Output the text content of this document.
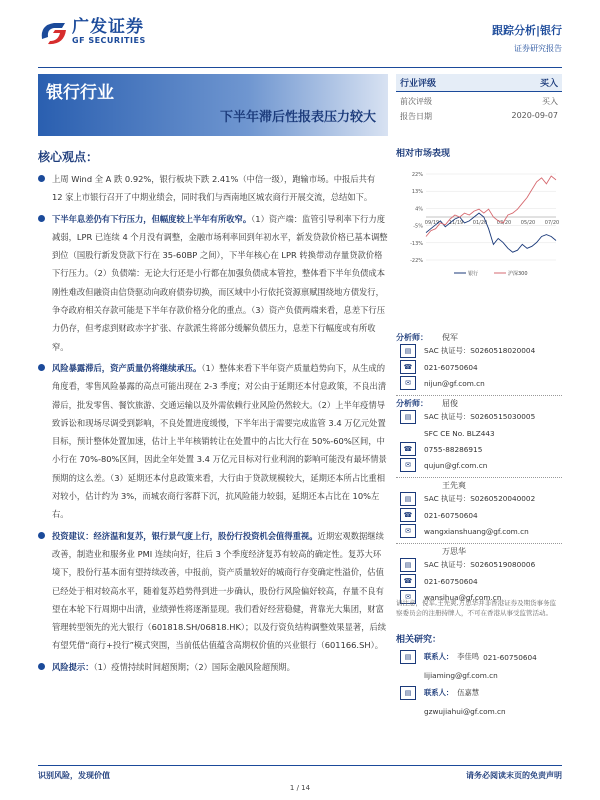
广发证券
GF SECURITIES
跟踪分析|银行
证券研究报告
银行行业
下半年滞后性报表压力较大
行业评级	买入
前次评级	买入
报告日期	2020-09-07
核心观点：
上周 Wind 全 A 跌 0.92%，银行板块下跌 2.41%（中信一级），跑输市场。中报后共有 12 家上市银行召开了中期业绩会，同时我们与西南地区城农商行开展交流，总结如下。
下半年息差仍有下行压力，但幅度较上半年有所收窄。（1）资产端：监管引导利率下行力度减弱，LPR 已连续 4 个月没有调整，金融市场利率回到年初水平，新发贷款价格已基本调整到位（国股行新发贷款下行在 35-60BP 之间），下半年核心在 LPR 转换带动存量贷款价格下行压力。（2）负债端：无论大行还是小行都在加强负债成本管控，整体看下半年负债成本刚性难改但融资由信贷驱动向政府债券切换，而区域中小行依托资源禀赋围绕地方债发行，争夺政府相关存款可能是下半年存款价格分化的重点。（3）资产负债两端来看，息差下行压力仍存，但考虑到财政赤字扩张、存款派生将部分缓解负债压力，息差下行幅度或有所收窄。
风险暴露滞后，资产质量仍将继续承压。（1）整体来看下半年资产质量趋势向下，从生成的角度看，零售风险暴露的高点可能出现在 2-3 季度；对公由于延期还本付息政策，不良出清滞后，批发零售、餐饮旅游、交通运输以及外需依赖行业风险仍然较大。（2）上半年疫情导致诉讼和现场尽调受到影响，不良处置进度缓慢，下半年出于需要完成监管 3.4 万亿元处置目标，预计整体处置加速，估计上半年核销转让在处置中的占比大行在 50%-60%区间，中小行在 70%-80%区间，因此全年处置 3.4 万亿元目标对行业利润的影响可能没有最坏情景预期的这么差。（3）延期还本付息政策来看，大行由于贷款规模较大，延期还本所占比重相对较小，估计约为 3%，而城农商行客群下沉，抗风险能力较弱，延期还本占比在 10%左右。
投资建议：经济温和复苏，银行景气度上行，股份行投资机会值得重视。近期宏观数据继续改善，制造业和服务业 PMI 连续向好，往后 3 个季度经济复苏有较高的确定性。复苏大环境下，股份行基本面有望持续改善，中报前，资产质量较好的城商行存变确定性溢价，估值已经处于相对较高水平，随着复苏趋势得到进一步确认，股份行风险偏好较高，存量不良有望在本轮下行周期中出清，业绩弹性将逐渐显现。我们看好经营稳健，背靠光大集团，财富管理转型领先的光大银行（601818.SH/06818.HK）；以及行资负结构调整效果显著，后续有望凭借“商行+投行”模式突围，当前低估值蕴含高期权价值的兴业银行（601166.SH）。
风险提示：（1）疫情持续时间超预期；（2）国际金融风险超预期。
相对市场表现
22%
13%
4%
-5%
-13%
-22%
09/19 11/19 01/20 03/20 05/20 07/20
银行	沪深300
分析师： 倪军
▤	SAC 执证号：S0260518020004
☎	021-60750604
✉	nijun@gf.com.cn
分析师： 屈俊
▤	SAC 执证号：S0260515030005
SFC CE No. BLZ443
☎	0755-88286915
✉	qujun@gf.com.cn
王先爽
▤	SAC 执证号：S0260520040002
☎	021-60750604
✉	wangxianshuang@gf.com.cn
万思华
▤	SAC 执证号：S0260519080006
☎	021-60750604
✉	wansihua@gf.com.cn
请注意，倪军,王先爽,万思华并非香港证券及期货事务监察委员会的注册持牌人，不可在香港从事受监管活动。
相关研究：
▤	联系人： 李佳鸣 021-60750604
lijiaming@gf.com.cn
▤	联系人： 伍嘉慧
gzwujiahui@gf.com.cn
识别风险，发现价值	请务必阅读末页的免责声明
1 / 14
